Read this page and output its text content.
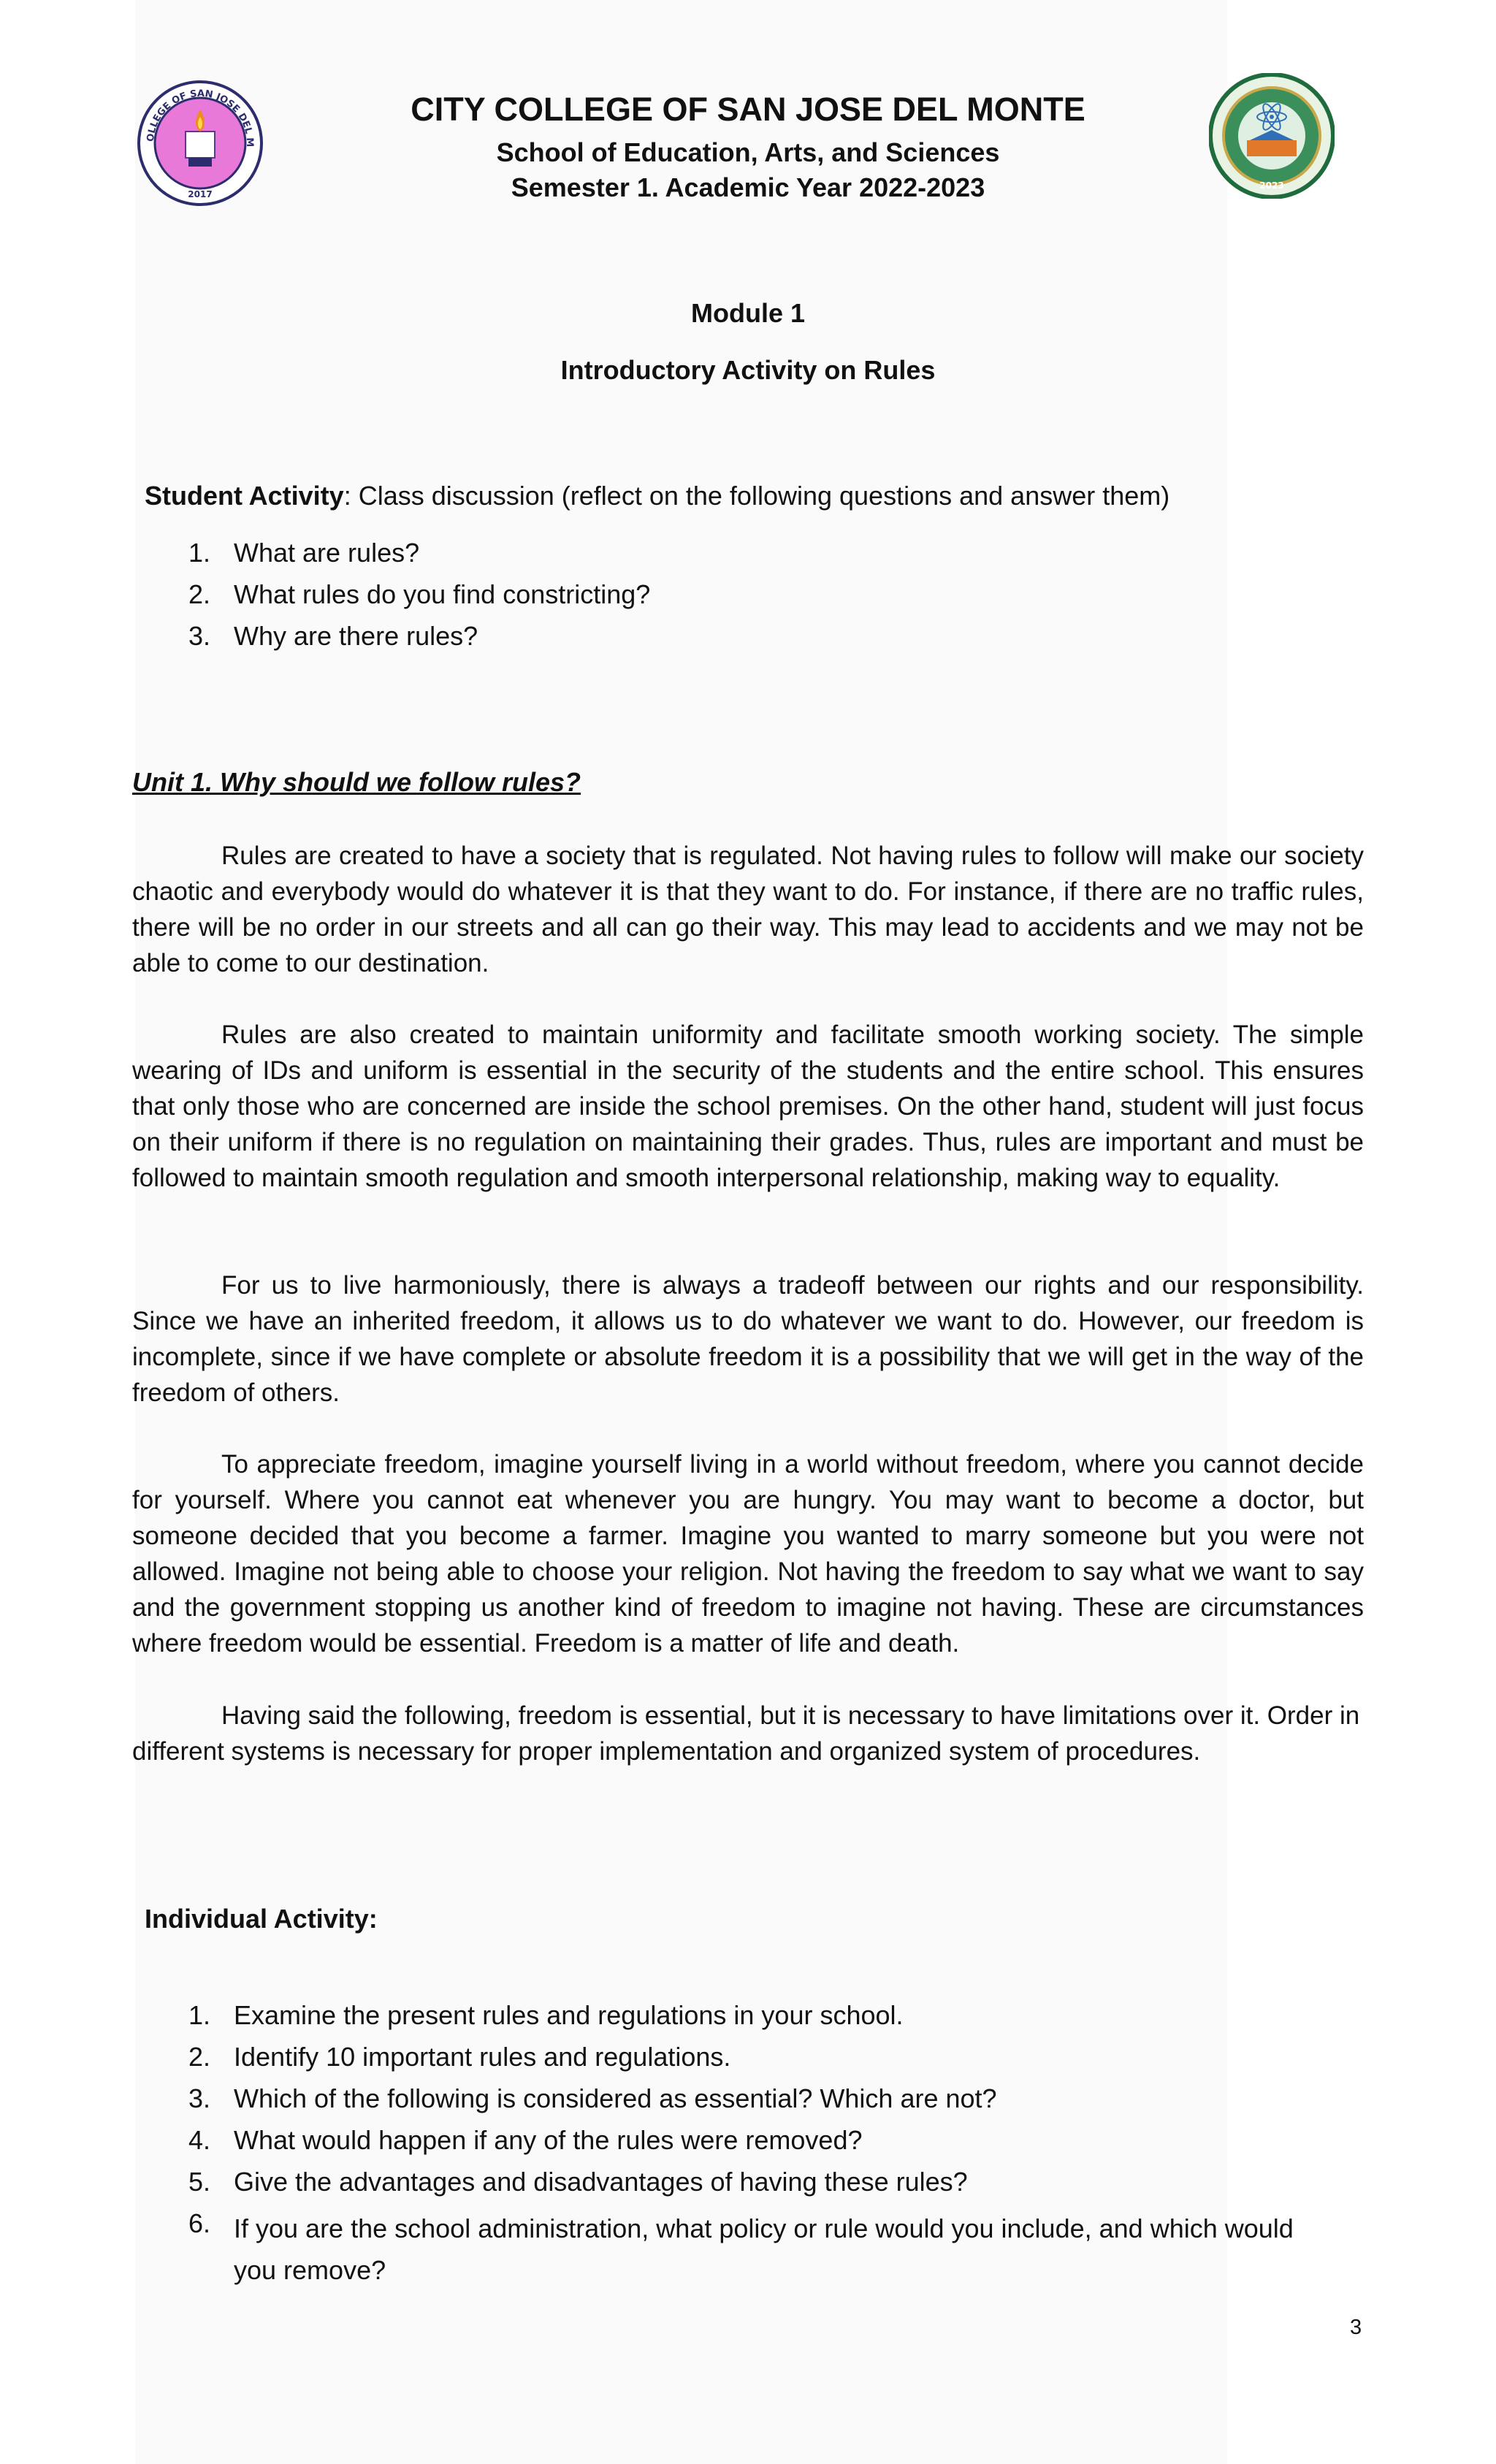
OLLEGE OF SAN JOSE DEL M
2017
2023
CITY COLLEGE OF SAN JOSE DEL MONTE
School of Education, Arts, and Sciences
Semester 1. Academic Year 2022-2023
Module 1
Introductory Activity on Rules
Student Activity: Class discussion (reflect on the following questions and answer them)
1. What are rules?
2. What rules do you find constricting?
3. Why are there rules?
Unit 1. Why should we follow rules?

Rules are created to have a society that is regulated. Not having rules to follow will make our society chaotic and everybody would do whatever it is that they want to do. For instance, if there are no traffic rules, there will be no order in our streets and all can go their way. This may lead to accidents and we may not be able to come to our destination.

Rules are also created to maintain uniformity and facilitate smooth working society. The simple wearing of IDs and uniform is essential in the security of the students and the entire school. This ensures that only those who are concerned are inside the school premises. On the other hand, student will just focus on their uniform if there is no regulation on maintaining their grades. Thus, rules are important and must be followed to maintain smooth regulation and smooth interpersonal relationship, making way to equality.

For us to live harmoniously, there is always a tradeoff between our rights and our responsibility. Since we have an inherited freedom, it allows us to do whatever we want to do. However, our freedom is incomplete, since if we have complete or absolute freedom it is a possibility that we will get in the way of the freedom of others.

To appreciate freedom, imagine yourself living in a world without freedom, where you cannot decide for yourself. Where you cannot eat whenever you are hungry. You may want to become a doctor, but someone decided that you become a farmer. Imagine you wanted to marry someone but you were not allowed. Imagine not being able to choose your religion. Not having the freedom to say what we want to say and the government stopping us another kind of freedom to imagine not having. These are circumstances where freedom would be essential. Freedom is a matter of life and death.

Having said the following, freedom is essential, but it is necessary to have limitations over it. Order in different systems is necessary for proper implementation and organized system of procedures.

Individual Activity:
1. Examine the present rules and regulations in your school.
2. Identify 10 important rules and regulations.
3. Which of the following is considered as essential? Which are not?
4. What would happen if any of the rules were removed?
5. Give the advantages and disadvantages of having these rules?
6. If you are the school administration, what policy or rule would you include, and which would you remove?
3
